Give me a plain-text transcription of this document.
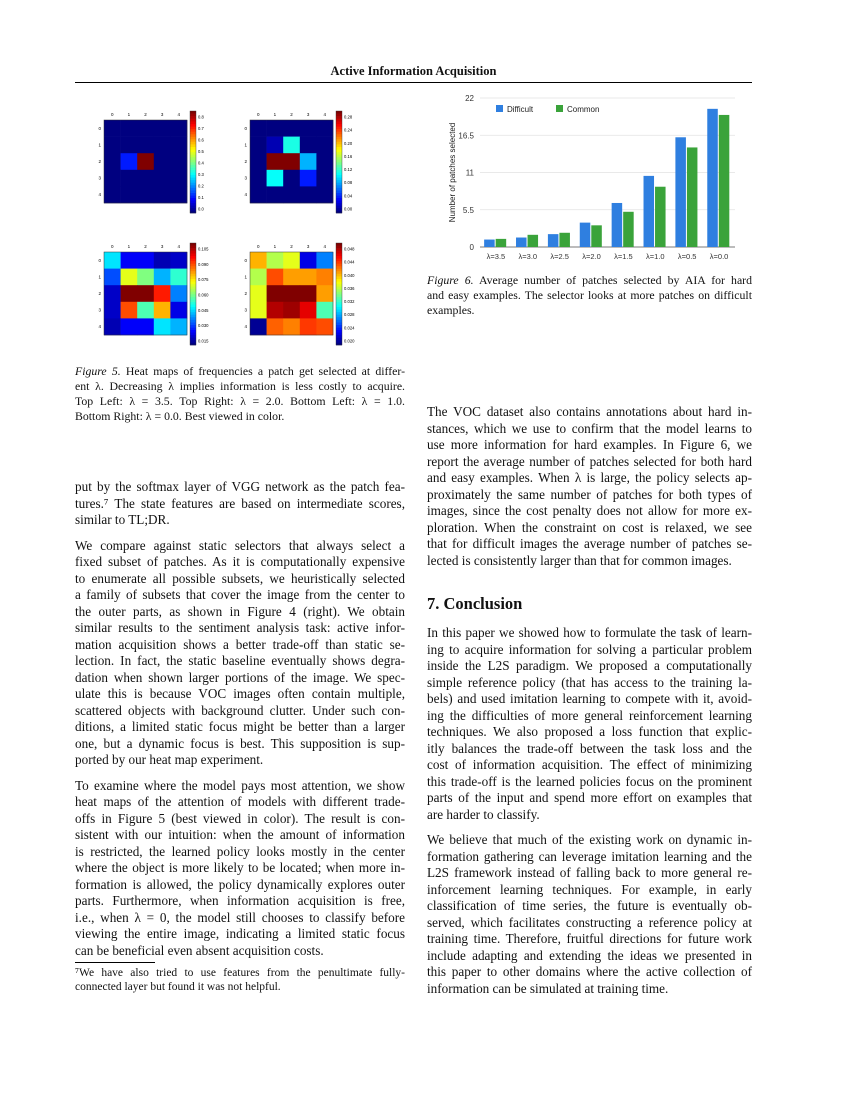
Active Information Acquisition
0
0
1
1
2
2
3
3
4
4
0.0
0.1
0.2
0.3
0.4
0.5
0.6
0.7
0.8	0
0
1
1
2
2
3
3
4
4
0.00
0.04
0.08
0.12
0.16
0.20
0.24
0.28
0
0
1
1
2
2
3
3
4
4
0.015
0.030
0.045
0.060
0.075
0.090
0.105	0
0
1
1
2
2
3
3
4
4
0.020
0.024
0.028
0.032
0.036
0.040
0.044
0.048
Figure 5. Heat maps of frequencies a patch get selected at differ-
ent λ. Decreasing λ implies information is less costly to acquire.
Top Left: λ = 3.5. Top Right: λ = 2.0. Bottom Left: λ = 1.0.
Bottom Right: λ = 0.0. Best viewed in color.
0
5.5
11
16.5
22
Number of patches selected
λ=3.5 λ=3.0 λ=2.5 λ=2.0 λ=1.5 λ=1.0 λ=0.5 λ=0.0
Difficult	Common
Figure 6. Average number of patches selected by AIA for hard
and easy examples. The selector looks at more patches on difficult
examples.
put by the softmax layer of VGG network as the patch fea-
tures.⁷ The state features are based on intermediate scores,
similar to TL;DR.
We compare against static selectors that always select a
fixed subset of patches. As it is computationally expensive
to enumerate all possible subsets, we heuristically selected
a family of subsets that cover the image from the center to
the outer parts, as shown in Figure 4 (right). We obtain
similar results to the sentiment analysis task: active infor-
mation acquisition shows a better trade-off than static se-
lection. In fact, the static baseline eventually shows degra-
dation when shown larger portions of the image. We spec-
ulate this is because VOC images often contain multiple,
scattered objects with background clutter. Under such con-
ditions, a limited static focus might be better than a larger
one, but a dynamic focus is best. This supposition is sup-
ported by our heat map experiment.
To examine where the model pays most attention, we show
heat maps of the attention of models with different trade-
offs in Figure 5 (best viewed in color). The result is con-
sistent with our intuition: when the amount of information
is restricted, the learned policy looks mostly in the center
where the object is more likely to be located; when more in-
formation is allowed, the policy dynamically explores outer
parts. Furthermore, when information acquisition is free,
i.e., when λ = 0, the model still chooses to classify before
viewing the entire image, indicating a limited static focus
can be beneficial even absent acquisition costs.
⁷We have also tried to use features from the penultimate fully-
connected layer but found it was not helpful.
The VOC dataset also contains annotations about hard in-
stances, which we use to confirm that the model learns to
use more information for hard examples. In Figure 6, we
report the average number of patches selected for both hard
and easy examples. When λ is large, the policy selects ap-
proximately the same number of patches for both types of
images, since the cost penalty does not allow for more ex-
ploration. When the constraint on cost is relaxed, we see
that for difficult images the average number of patches se-
lected is consistently larger than that for common images.
7. Conclusion
In this paper we showed how to formulate the task of learn-
ing to acquire information for solving a particular problem
inside the L2S paradigm. We proposed a computationally
simple reference policy (that has access to the training la-
bels) and used imitation learning to compete with it, avoid-
ing the difficulties of more general reinforcement learning
techniques. We also proposed a loss function that explic-
itly balances the trade-off between the task loss and the
cost of information acquisition. The effect of minimizing
this trade-off is the learned policies focus on the prominent
parts of the input and spend more effort on examples that
are harder to classify.
We believe that much of the existing work on dynamic in-
formation gathering can leverage imitation learning and the
L2S framework instead of falling back to more general re-
inforcement learning techniques. For example, in early
classification of time series, the future is eventually ob-
served, which facilitates constructing a reference policy at
training time. Therefore, fruitful directions for future work
include adapting and extending the ideas we presented in
this paper to other domains where the active collection of
information can be simulated at training time.
